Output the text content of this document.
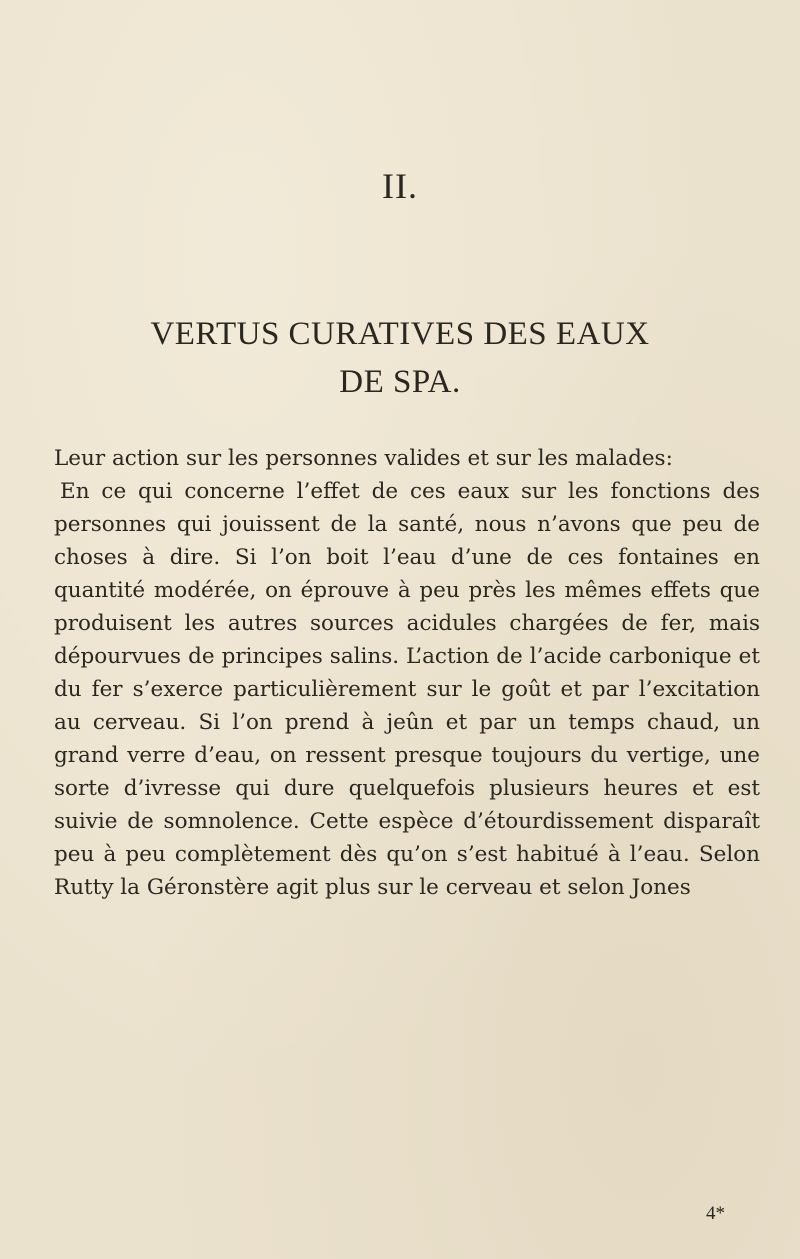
II.
VERTUS CURATIVES DES EAUX
DE SPA.

Leur action sur les personnes valides et sur les malades:

En ce qui concerne l’effet de ces eaux sur les fonctions des personnes qui jouissent de la santé, nous n’avons que peu de choses à dire. Si l’on boit l’eau d’une de ces fontaines en quantité modérée, on éprouve à peu près les mêmes effets que produisent les autres sources acidules chargées de fer, mais dépourvues de principes salins. L’action de l’acide carbonique et du fer s’exerce particulièrement sur le goût et par l’excitation au cerveau. Si l’on prend à jeûn et par un temps chaud, un grand verre d’eau, on ressent presque toujours du vertige, une sorte d’ivresse qui dure quelquefois plusieurs heures et est suivie de somnolence. Cette espèce d’étourdissement disparaît peu à peu complètement dès qu’on s’est habitué à l’eau. Selon Rutty la Géronstère agit plus sur le cerveau et selon Jones

4*
